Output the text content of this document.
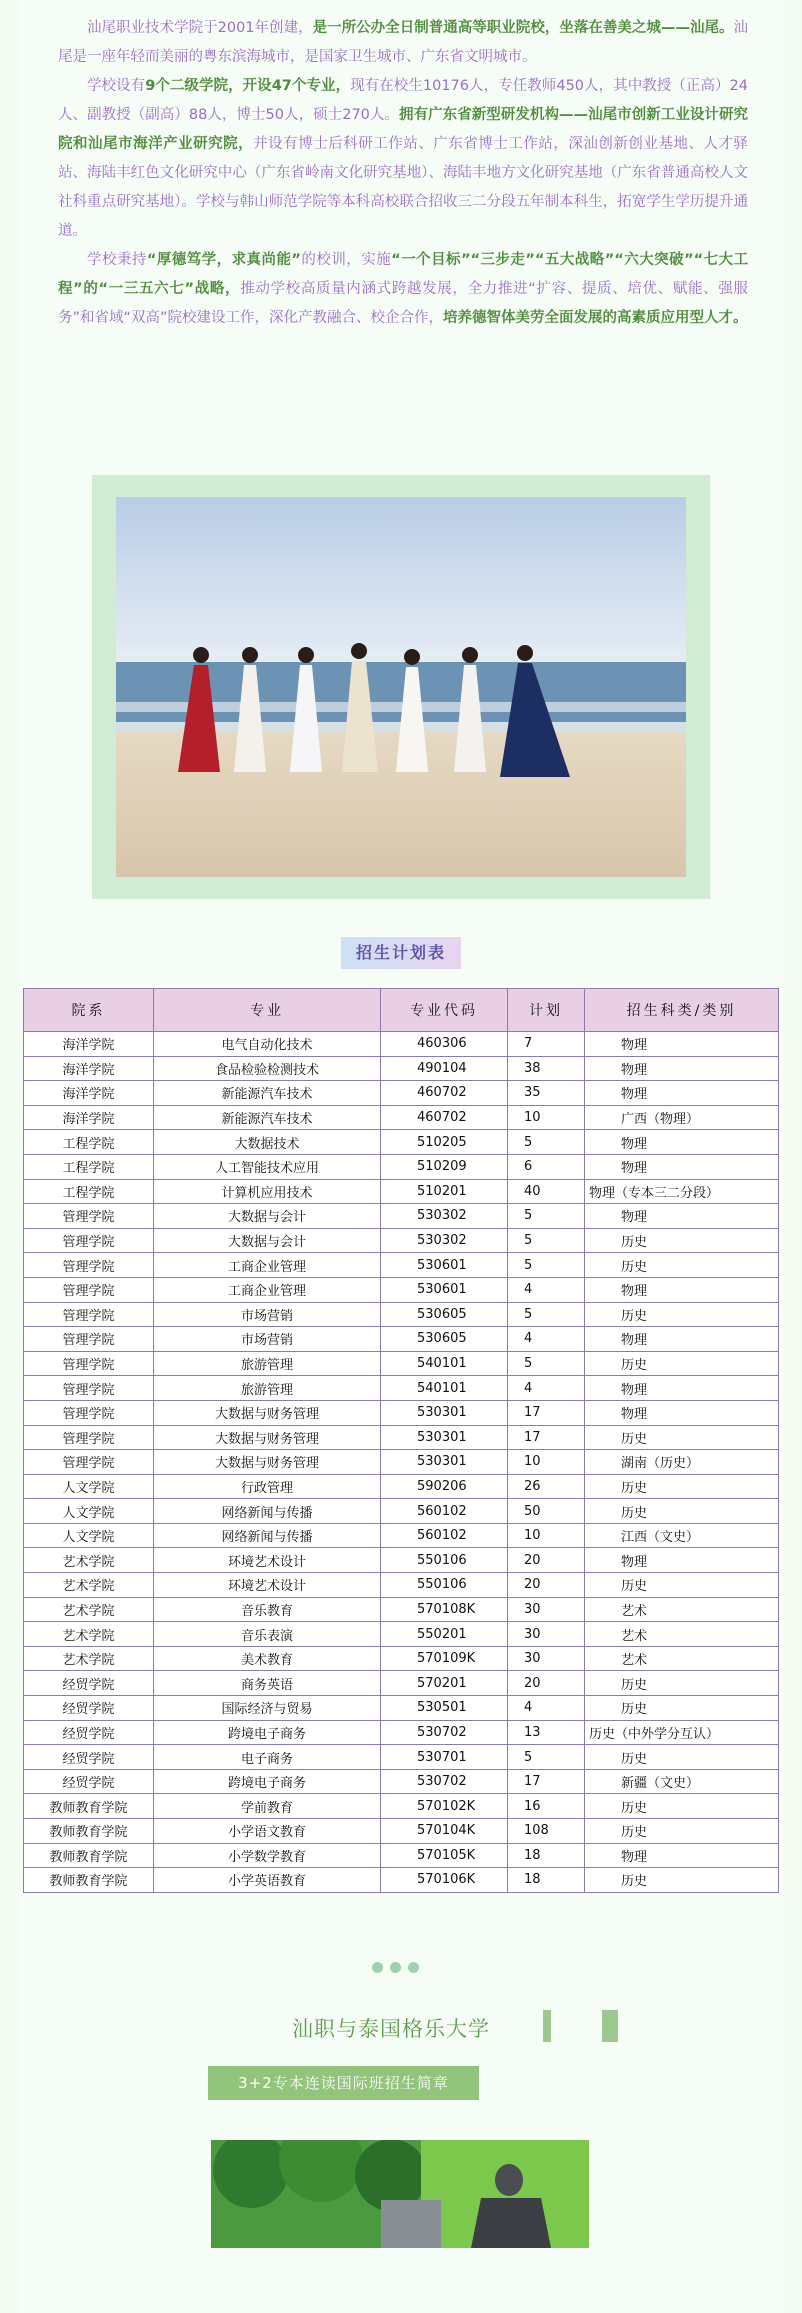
汕尾职业技术学院于2001年创建，是一所公办全日制普通高等职业院校，坐落在善美之城——汕尾。汕尾是一座年轻而美丽的粤东滨海城市，是国家卫生城市、广东省文明城市。

学校设有9个二级学院，开设47个专业，现有在校生10176人，专任教师450人，其中教授（正高）24人、副教授（副高）88人，博士50人，硕士270人。拥有广东省新型研发机构——汕尾市创新工业设计研究院和汕尾市海洋产业研究院，并设有博士后科研工作站、广东省博士工作站，深汕创新创业基地、人才驿站、海陆丰红色文化研究中心（广东省岭南文化研究基地）、海陆丰地方文化研究基地（广东省普通高校人文社科重点研究基地）。学校与韩山师范学院等本科高校联合招收三二分段五年制本科生，拓宽学生学历提升通道。

学校秉持“厚德笃学，求真尚能”的校训，实施“一个目标”“三步走”“五大战略”“六大突破”“七大工程”的“一三五六七”战略，推动学校高质量内涵式跨越发展，全力推进“扩容、提质、培优、赋能、强服务”和省域“双高”院校建设工作，深化产教融合、校企合作，培养德智体美劳全面发展的高素质应用型人才。

招生计划表
院系	专业	专业代码	计划	招生科类/类别
海洋学院	电气自动化技术	460306	7	物理
海洋学院	食品检验检测技术	490104	38	物理
海洋学院	新能源汽车技术	460702	35	物理
海洋学院	新能源汽车技术	460702	10	广西（物理）
工程学院	大数据技术	510205	5	物理
工程学院	人工智能技术应用	510209	6	物理
工程学院	计算机应用技术	510201	40	物理（专本三二分段）
管理学院	大数据与会计	530302	5	物理
管理学院	大数据与会计	530302	5	历史
管理学院	工商企业管理	530601	5	历史
管理学院	工商企业管理	530601	4	物理
管理学院	市场营销	530605	5	历史
管理学院	市场营销	530605	4	物理
管理学院	旅游管理	540101	5	历史
管理学院	旅游管理	540101	4	物理
管理学院	大数据与财务管理	530301	17	物理
管理学院	大数据与财务管理	530301	17	历史
管理学院	大数据与财务管理	530301	10	湖南（历史）
人文学院	行政管理	590206	26	历史
人文学院	网络新闻与传播	560102	50	历史
人文学院	网络新闻与传播	560102	10	江西（文史）
艺术学院	环境艺术设计	550106	20	物理
艺术学院	环境艺术设计	550106	20	历史
艺术学院	音乐教育	570108K	30	艺术
艺术学院	音乐表演	550201	30	艺术
艺术学院	美术教育	570109K	30	艺术
经贸学院	商务英语	570201	20	历史
经贸学院	国际经济与贸易	530501	4	历史
经贸学院	跨境电子商务	530702	13	历史（中外学分互认）
经贸学院	电子商务	530701	5	历史
经贸学院	跨境电子商务	530702	17	新疆（文史）
教师教育学院	学前教育	570102K	16	历史
教师教育学院	小学语文教育	570104K	108	历史
教师教育学院	小学数学教育	570105K	18	物理
教师教育学院	小学英语教育	570106K	18	历史
汕职与泰国格乐大学
3+2专本连读国际班招生简章
